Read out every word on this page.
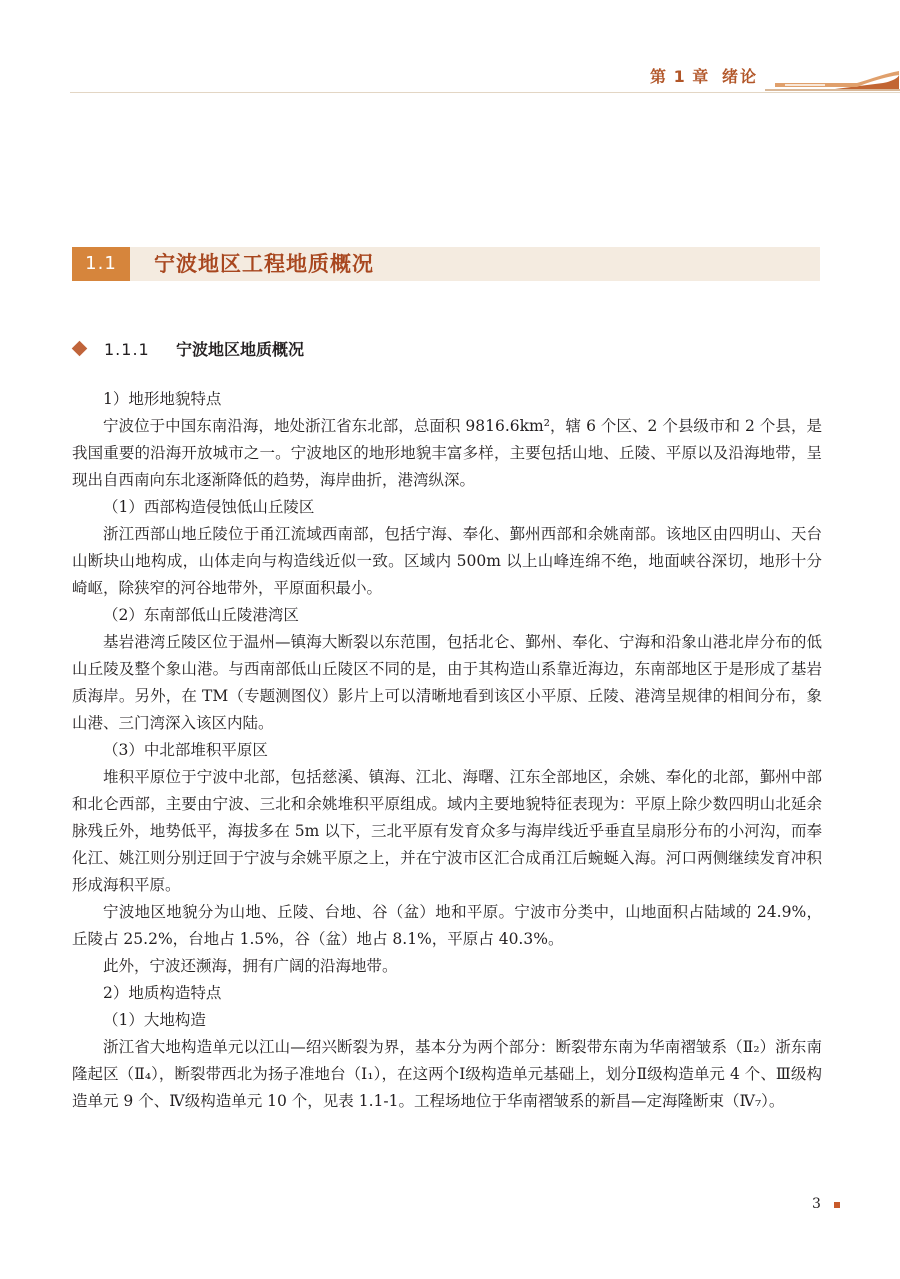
第 1 章 绪论
1.1	宁波地区工程地质概况
1.1.1 宁波地区地质概况

1）地形地貌特点

宁波位于中国东南沿海，地处浙江省东北部，总面积 9816.6km²，辖 6 个区、2 个县级市和 2 个县，是我国重要的沿海开放城市之一。宁波地区的地形地貌丰富多样，主要包括山地、丘陵、平原以及沿海地带，呈现出自西南向东北逐渐降低的趋势，海岸曲折，港湾纵深。

（1）西部构造侵蚀低山丘陵区

浙江西部山地丘陵位于甬江流域西南部，包括宁海、奉化、鄞州西部和余姚南部。该地区由四明山、天台山断块山地构成，山体走向与构造线近似一致。区域内 500m 以上山峰连绵不绝，地面峡谷深切，地形十分崎岖，除狭窄的河谷地带外，平原面积最小。

（2）东南部低山丘陵港湾区

基岩港湾丘陵区位于温州—镇海大断裂以东范围，包括北仑、鄞州、奉化、宁海和沿象山港北岸分布的低山丘陵及整个象山港。与西南部低山丘陵区不同的是，由于其构造山系靠近海边，东南部地区于是形成了基岩质海岸。另外，在 TM（专题测图仪）影片上可以清晰地看到该区小平原、丘陵、港湾呈规律的相间分布，象山港、三门湾深入该区内陆。

（3）中北部堆积平原区

堆积平原位于宁波中北部，包括慈溪、镇海、江北、海曙、江东全部地区，余姚、奉化的北部，鄞州中部和北仑西部，主要由宁波、三北和余姚堆积平原组成。域内主要地貌特征表现为：平原上除少数四明山北延余脉残丘外，地势低平，海拔多在 5m 以下，三北平原有发育众多与海岸线近乎垂直呈扇形分布的小河沟，而奉化江、姚江则分别迂回于宁波与余姚平原之上，并在宁波市区汇合成甬江后蜿蜒入海。河口两侧继续发育冲积形成海积平原。

宁波地区地貌分为山地、丘陵、台地、谷（盆）地和平原。宁波市分类中，山地面积占陆域的 24.9%，丘陵占 25.2%，台地占 1.5%，谷（盆）地占 8.1%，平原占 40.3%。

此外，宁波还濒海，拥有广阔的沿海地带。

2）地质构造特点

（1）大地构造

浙江省大地构造单元以江山—绍兴断裂为界，基本分为两个部分：断裂带东南为华南褶皱系（Ⅱ₂）浙东南隆起区（Ⅱ₄），断裂带西北为扬子准地台（Ⅰ₁），在这两个Ⅰ级构造单元基础上，划分Ⅱ级构造单元 4 个、Ⅲ级构造单元 9 个、Ⅳ级构造单元 10 个，见表 1.1-1。工程场地位于华南褶皱系的新昌—定海隆断束（Ⅳ₇）。

3
